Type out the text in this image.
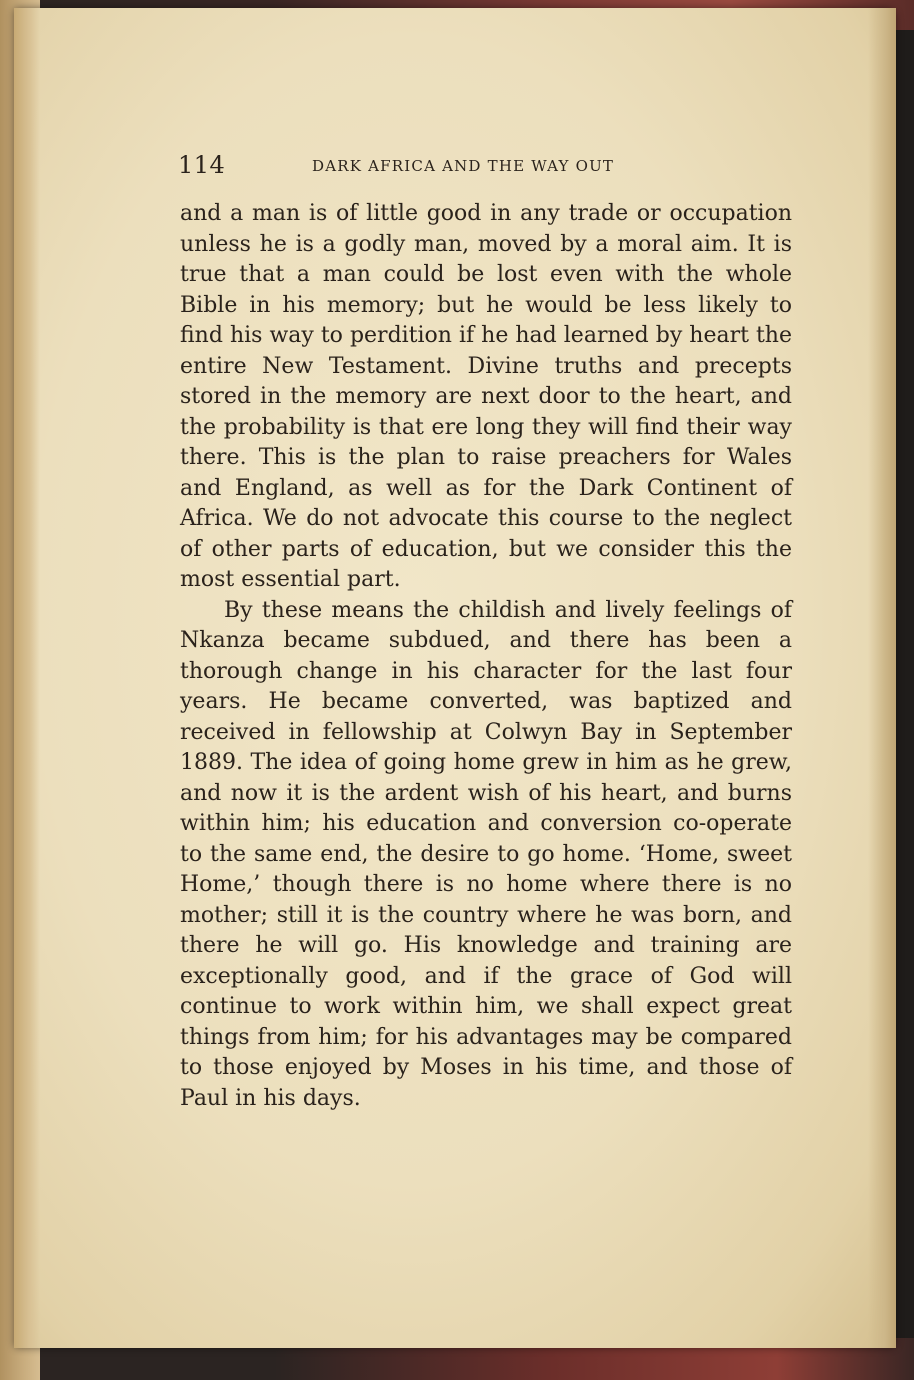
114	DARK AFRICA AND THE WAY OUT

and a man is of little good in any trade or occupation unless he is a godly man, moved by a moral aim. It is true that a man could be lost even with the whole Bible in his memory; but he would be less likely to find his way to perdition if he had learned by heart the entire New Testament. Divine truths and precepts stored in the memory are next door to the heart, and the probability is that ere long they will find their way there. This is the plan to raise preachers for Wales and England, as well as for the Dark Continent of Africa. We do not advocate this course to the neglect of other parts of education, but we consider this the most essential part.

By these means the childish and lively feelings of Nkanza became subdued, and there has been a thorough change in his character for the last four years. He became converted, was baptized and received in fellowship at Colwyn Bay in September 1889. The idea of going home grew in him as he grew, and now it is the ardent wish of his heart, and burns within him; his education and conversion co-operate to the same end, the desire to go home. ‘Home, sweet Home,’ though there is no home where there is no mother; still it is the country where he was born, and there he will go. His knowledge and training are exceptionally good, and if the grace of God will continue to work within him, we shall expect great things from him; for his advantages may be compared to those enjoyed by Moses in his time, and those of Paul in his days.
